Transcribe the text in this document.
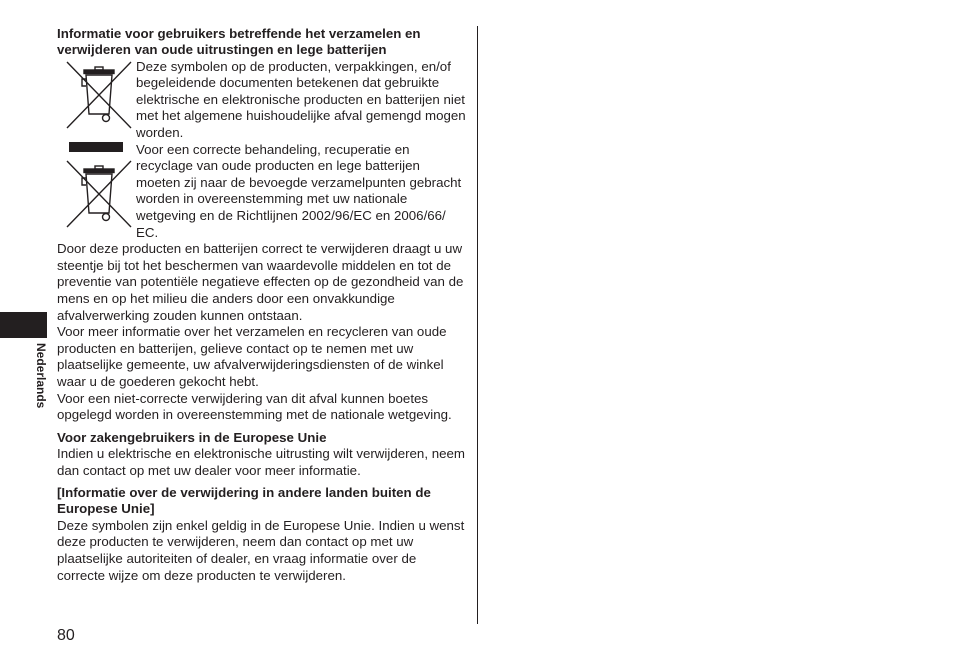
Informatie voor gebruikers betreffende het verzamelen en
verwijderen van oude uitrustingen en lege batterijen
Deze symbolen op de producten, verpakkingen, en/of
begeleidende documenten betekenen dat gebruikte
elektrische en elektronische producten en batterijen niet
met het algemene huishoudelijke afval gemengd mogen
worden.
Voor een correcte behandeling, recuperatie en
recyclage van oude producten en lege batterijen
moeten zij naar de bevoegde verzamelpunten gebracht
worden in overeenstemming met uw nationale
wetgeving en de Richtlijnen 2002/96/EC en 2006/66/
EC.
Door deze producten en batterijen correct te verwijderen draagt u uw
steentje bij tot het beschermen van waardevolle middelen en tot de
preventie van potentiële negatieve effecten op de gezondheid van de
mens en op het milieu die anders door een onvakkundige
afvalverwerking zouden kunnen ontstaan.
Voor meer informatie over het verzamelen en recycleren van oude
producten en batterijen, gelieve contact op te nemen met uw
plaatselijke gemeente, uw afvalverwijderingsdiensten of de winkel
waar u de goederen gekocht hebt.
Voor een niet-correcte verwijdering van dit afval kunnen boetes
opgelegd worden in overeenstemming met de nationale wetgeving.
Voor zakengebruikers in de Europese Unie
Indien u elektrische en elektronische uitrusting wilt verwijderen, neem
dan contact op met uw dealer voor meer informatie.
[Informatie over de verwijdering in andere landen buiten de
Europese Unie]
Deze symbolen zijn enkel geldig in de Europese Unie. Indien u wenst
deze producten te verwijderen, neem dan contact op met uw
plaatselijke autoriteiten of dealer, en vraag informatie over de
correcte wijze om deze producten te verwijderen.
Nederlands
80
